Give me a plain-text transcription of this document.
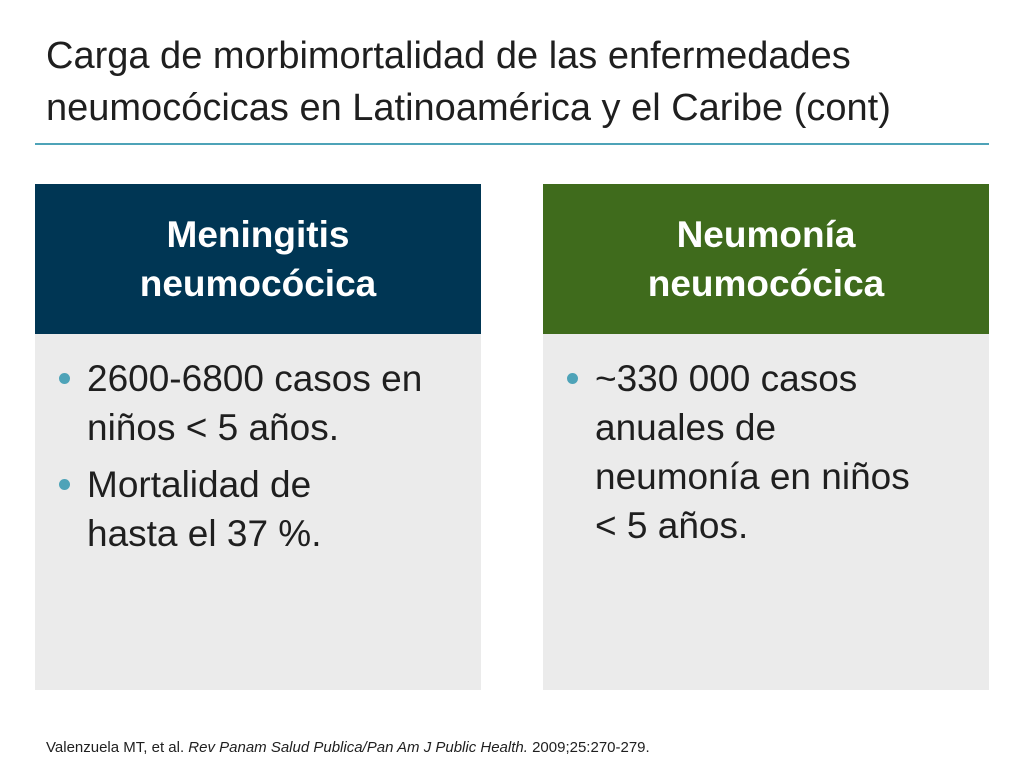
Carga de morbimortalidad de las enfermedades
neumocócicas en Latinoamérica y el Caribe (cont)
Meningitis
neumocócica
2600-6800 casos en
niños < 5 años.
Mortalidad de
hasta el 37 %.
Neumonía
neumocócica
~330 000 casos
anuales de
neumonía en niños
< 5 años.
Valenzuela MT, et al. Rev Panam Salud Publica/Pan Am J Public Health. 2009;25:270-279.
